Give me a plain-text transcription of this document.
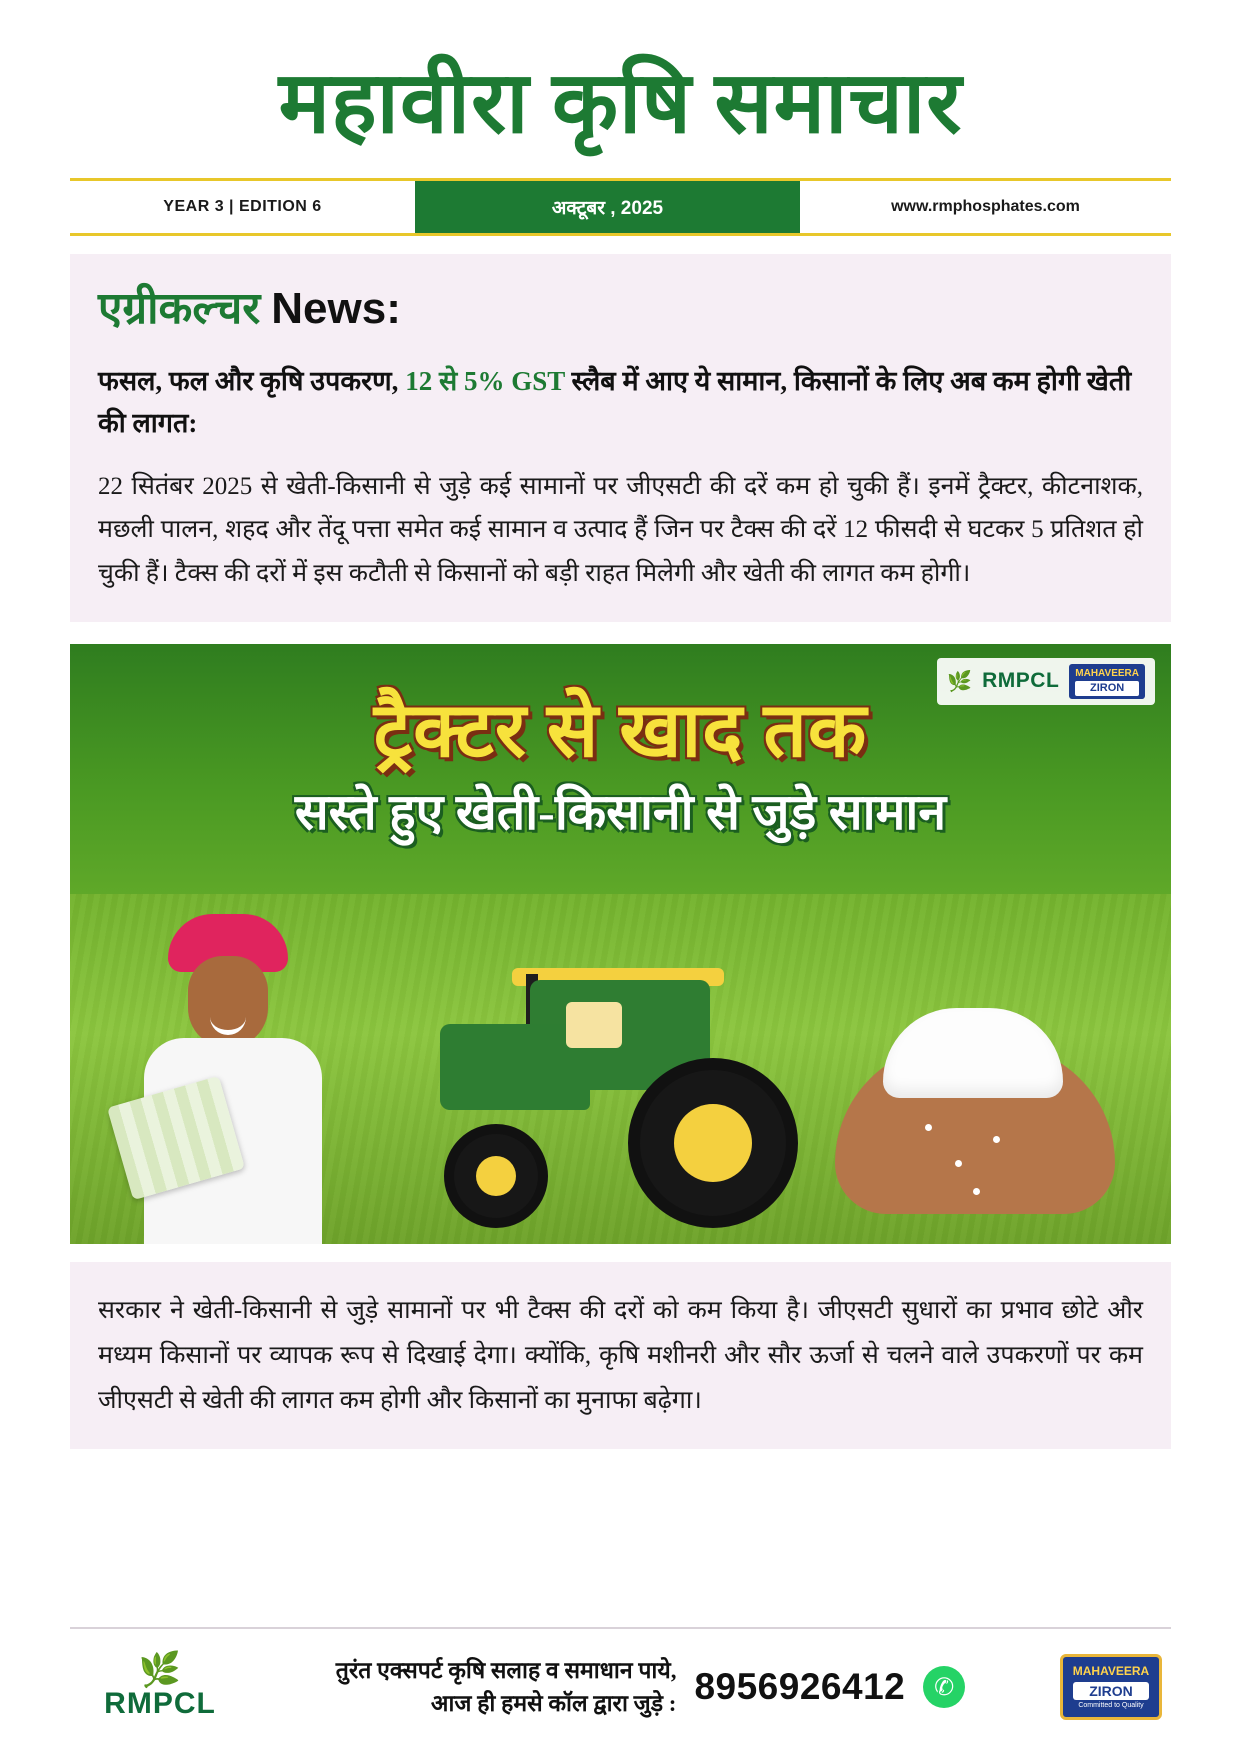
महावीरा कृषि समाचार
YEAR 3 | EDITION 6	अक्टूबर , 2025	www.rmphosphates.com
एग्रीकल्चर News:

फसल, फल और कृषि उपकरण, 12 से 5% GST स्लैब में आए ये सामान, किसानों के लिए अब कम होगी खेती की लागत:

22 सितंबर 2025 से खेती-किसानी से जुड़े कई सामानों पर जीएसटी की दरें कम हो चुकी हैं। इनमें ट्रैक्टर, कीटनाशक, मछली पालन, शहद और तेंदू पत्ता समेत कई सामान व उत्पाद हैं जिन पर टैक्स की दरें 12 फीसदी से घटकर 5 प्रतिशत हो चुकी हैं। टैक्स की दरों में इस कटौती से किसानों को बड़ी राहत मिलेगी और खेती की लागत कम होगी।

🌿 RMPCL	MAHAVEERA
ZIRON
ट्रैक्टर से खाद तक
सस्ते हुए खेती-किसानी से जुड़े सामान

सरकार ने खेती-किसानी से जुड़े सामानों पर भी टैक्स की दरों को कम किया है। जीएसटी सुधारों का प्रभाव छोटे और मध्यम किसानों पर व्यापक रूप से दिखाई देगा। क्योंकि, कृषि मशीनरी और सौर ऊर्जा से चलने वाले उपकरणों पर कम जीएसटी से खेती की लागत कम होगी और किसानों का मुनाफा बढ़ेगा।

🌿
RMPCL
तुरंत एक्सपर्ट कृषि सलाह व समाधान पाये,
आज ही हमसे कॉल द्वारा जुड़े : 8956926412	✆
MAHAVEERA
ZIRON
Committed to Quality
